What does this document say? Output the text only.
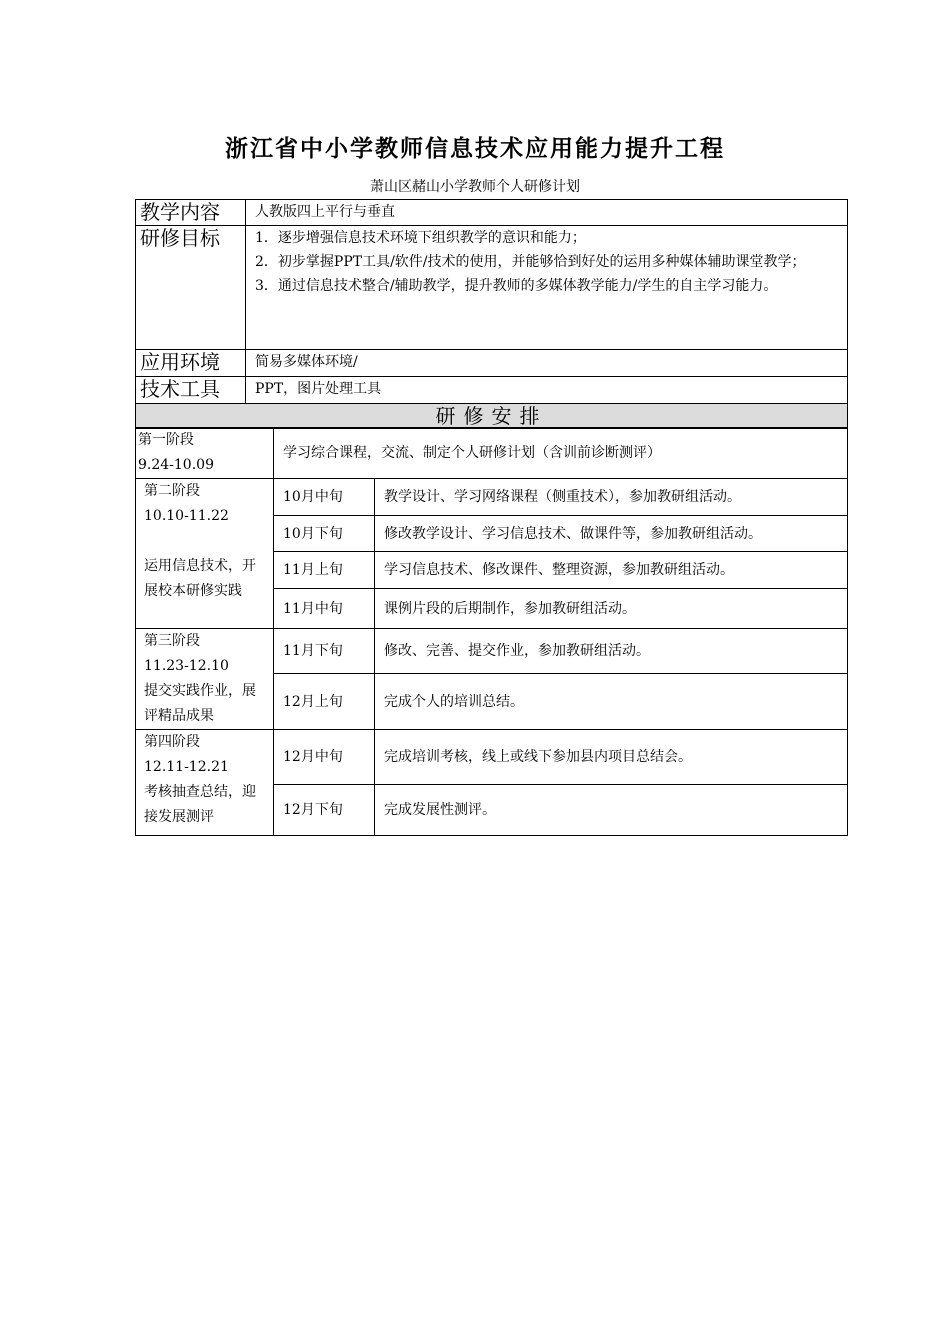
浙江省中小学教师信息技术应用能力提升工程
萧山区赭山小学教师个人研修计划
教学内容	人教版四上平行与垂直
研修目标	1．逐步增强信息技术环境下组织教学的意识和能力；
2．初步掌握PPT工具/软件/技术的使用，并能够恰到好处的运用多种媒体辅助课堂教学；
3．通过信息技术整合/辅助教学，提升教师的多媒体教学能力/学生的自主学习能力。

应用环境	简易多媒体环境/
技术工具	PPT，图片处理工具
研修安排	
第一阶段
9.24-10.09	学习综合课程，交流、制定个人研修计划（含训前诊断测评）	

第二阶段
10.10-11.22
运用信息技术，开展校本研修实践	10月中旬	教学设计、学习网络课程（侧重技术），参加教研组活动。
	10月下旬	修改教学设计、学习信息技术、做课件等，参加教研组活动。
	11月上旬	学习信息技术、修改课件、整理资源，参加教研组活动。
	11月中旬	课例片段的后期制作，参加教研组活动。

第三阶段
11.23-12.10
提交实践作业，展评精品成果	11月下旬	修改、完善、提交作业，参加教研组活动。
	12月上旬	完成个人的培训总结。

第四阶段
12.11-12.21
考核抽查总结，迎接发展测评	12月中旬	完成培训考核，线上或线下参加县内项目总结会。
	12月下旬	完成发展性测评。
